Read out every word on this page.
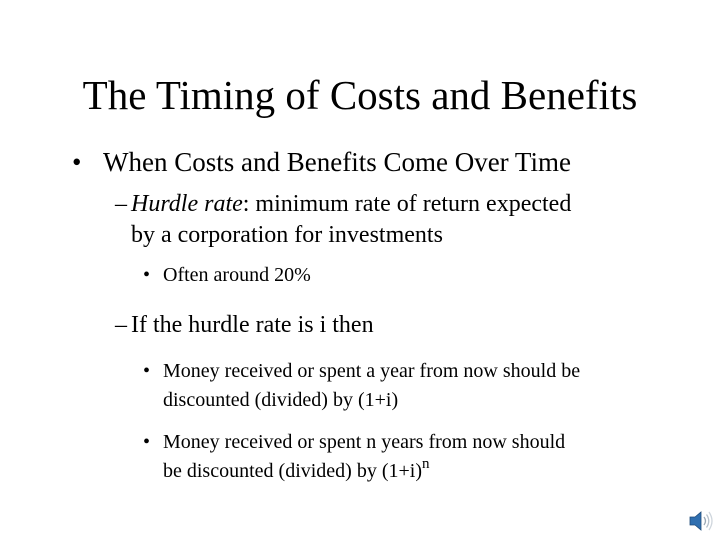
The Timing of Costs and Benefits
• When Costs and Benefits Come Over Time
– Hurdle rate: minimum rate of return expected
by a corporation for investments
• Often around 20%
– If the hurdle rate is i then
• Money received or spent a year from now should be
discounted (divided) by (1+i)
• Money received or spent n years from now should
be discounted (divided) by $(1+i)^n$
